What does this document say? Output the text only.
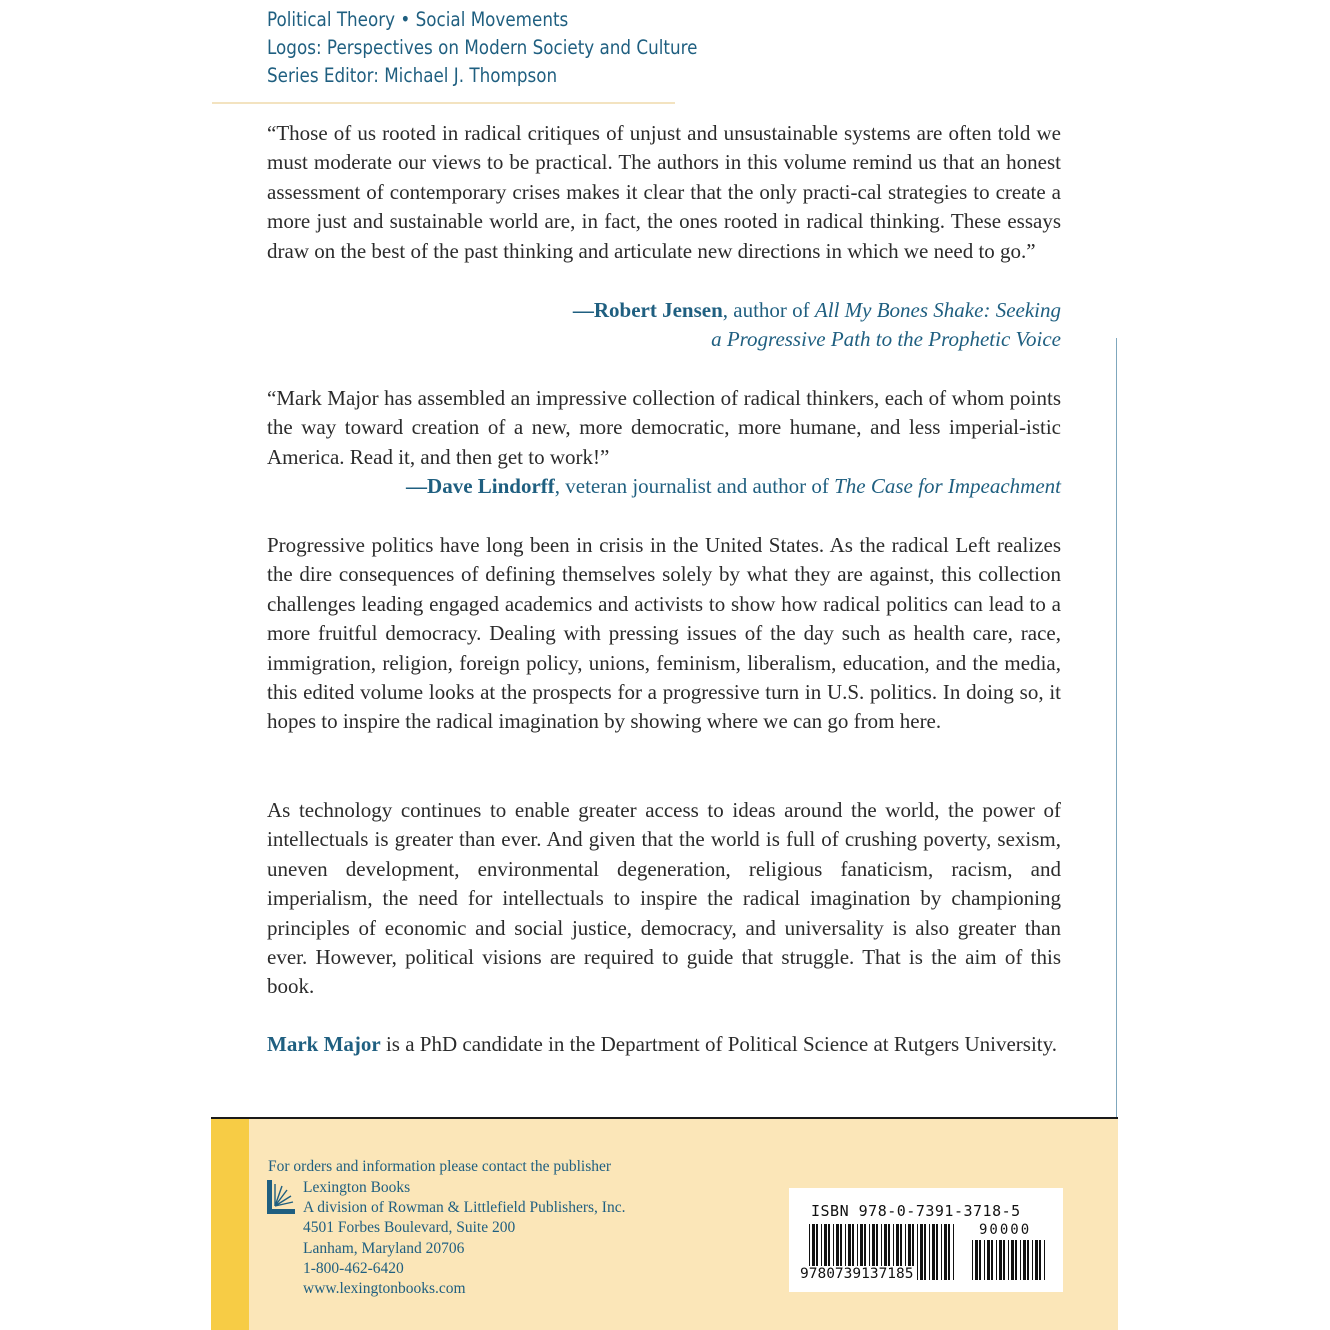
Political Theory • Social Movements
Logos: Perspectives on Modern Society and Culture
Series Editor: Michael J. Thompson
“Those of us rooted in radical critiques of unjust and unsustainable systems are often told we must moderate our views to be practical. The authors in this volume remind us that an honest assessment of contemporary crises makes it clear that the only practi-cal strategies to create a more just and sustainable world are, in fact, the ones rooted in radical thinking. These essays draw on the best of the past thinking and articulate new directions in which we need to go.”
—Robert Jensen, author of All My Bones Shake: Seeking
a Progressive Path to the Prophetic Voice
“Mark Major has assembled an impressive collection of radical thinkers, each of whom points the way toward creation of a new, more democratic, more humane, and less imperial-istic America. Read it, and then get to work!”
—Dave Lindorff, veteran journalist and author of The Case for Impeachment
Progressive politics have long been in crisis in the United States. As the radical Left realizes the dire consequences of defining themselves solely by what they are against, this collection challenges leading engaged academics and activists to show how radical politics can lead to a more fruitful democracy. Dealing with pressing issues of the day such as health care, race, immigration, religion, foreign policy, unions, feminism, liberalism, education, and the media, this edited volume looks at the prospects for a progressive turn in U.S. politics. In doing so, it hopes to inspire the radical imagination by showing where we can go from here.
As technology continues to enable greater access to ideas around the world, the power of intellectuals is greater than ever. And given that the world is full of crushing poverty, sexism, uneven development, environmental degeneration, religious fanaticism, racism, and imperialism, the need for intellectuals to inspire the radical imagination by championing principles of economic and social justice, democracy, and universality is also greater than ever. However, political visions are required to guide that struggle. That is the aim of this book.
Mark Major is a PhD candidate in the Department of Political Science at Rutgers University.
For orders and information please contact the publisher
Lexington Books
A division of Rowman & Littlefield Publishers, Inc.
4501 Forbes Boulevard, Suite 200
Lanham, Maryland 20706
1-800-462-6420
www.lexingtonbooks.com
ISBN 978-0-7391-3718-5
90000
9780739137185
